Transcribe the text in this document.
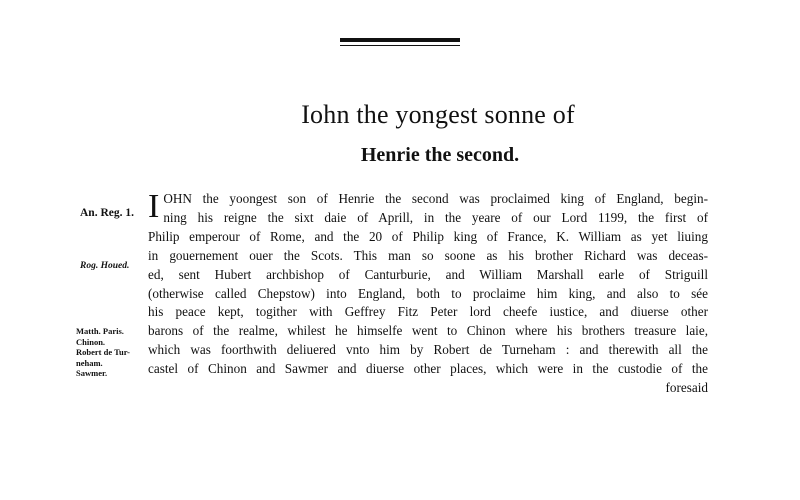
Iohn the yongest sonne of
Henrie the second.
An. Reg. 1.
Rog. Houed.
Matth. Paris.
Chinon.
Robert de Tur-
neham.
Sawmer.
I OHN the yoongest son of Henrie the second was proclaimed king of England, begin-
ning his reigne the sixt daie of Aprill, in the yeare of our Lord 1199, the first of
Philip emperour of Rome, and the 20 of Philip king of France, K. William as yet liuing
in gouernement ouer the Scots. This man so soone as his brother Richard was deceas-
ed, sent Hubert archbishop of Canturburie, and William Marshall earle of Striguill
(otherwise called Chepstow) into England, both to proclaime him king, and also to sée
his peace kept, togither with Geffrey Fitz Peter lord cheefe iustice, and diuerse other
barons of the realme, whilest he himselfe went to Chinon where his brothers treasure laie,
which was foorthwith deliuered vnto him by Robert de Turneham : and therewith all the
castel of Chinon and Sawmer and diuerse other places, which were in the custodie of the
foresaid
